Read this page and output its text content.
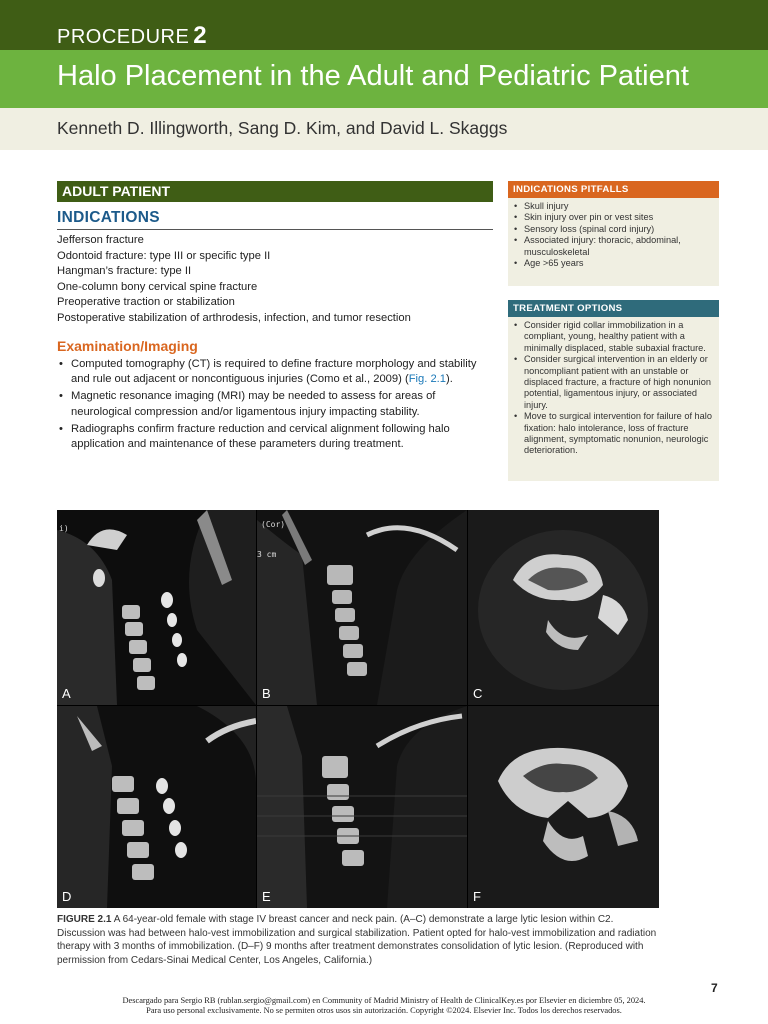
PROCEDURE 2
Halo Placement in the Adult and Pediatric Patient
Kenneth D. Illingworth, Sang D. Kim, and David L. Skaggs
ADULT PATIENT
INDICATIONS
Jefferson fracture
Odontoid fracture: type III or specific type II
Hangman’s fracture: type II
One-column bony cervical spine fracture
Preoperative traction or stabilization
Postoperative stabilization of arthrodesis, infection, and tumor resection
Examination/Imaging
• Computed tomography (CT) is required to define fracture morphology and stability and rule out adjacent or noncontiguous injuries (Como et al., 2009) (Fig. 2.1).
• Magnetic resonance imaging (MRI) may be needed to assess for areas of neurological compression and/or ligamentous injury impacting stability.
• Radiographs confirm fracture reduction and cervical alignment following halo application and maintenance of these parameters during treatment.
INDICATIONS PITFALLS
• Skull injury
• Skin injury over pin or vest sites
• Sensory loss (spinal cord injury)
• Associated injury: thoracic, abdominal, musculoskeletal
• Age >65 years
TREATMENT OPTIONS
• Consider rigid collar immobilization in a compliant, young, healthy patient with a minimally displaced, stable subaxial fracture.
• Consider surgical intervention in an elderly or noncompliant patient with an unstable or displaced fracture, a fracture of high nonunion potential, ligamentous injury, or associated injury.
• Move to surgical intervention for failure of halo fixation: halo intolerance, loss of fracture alignment, symptomatic nonunion, neurologic deterioration.
i)
A
(Cor)
3 cm
B	C
D	E	F
FIGURE 2.1 A 64-year-old female with stage IV breast cancer and neck pain. (A–C) demonstrate a large lytic lesion within C2. Discussion was had between halo-vest immobilization and surgical stabilization. Patient opted for halo-vest immobilization and radiation therapy with 3 months of immobilization. (D–F) 9 months after treatment demonstrates consolidation of lytic lesion. (Reproduced with permission from Cedars-Sinai Medical Center, Los Angeles, California.)
7
Descargado para Sergio RB (rublan.sergio@gmail.com) en Community of Madrid Ministry of Health de ClinicalKey.es por Elsevier en diciembre 05, 2024.
Para uso personal exclusivamente. No se permiten otros usos sin autorización. Copyright ©2024. Elsevier Inc. Todos los derechos reservados.
